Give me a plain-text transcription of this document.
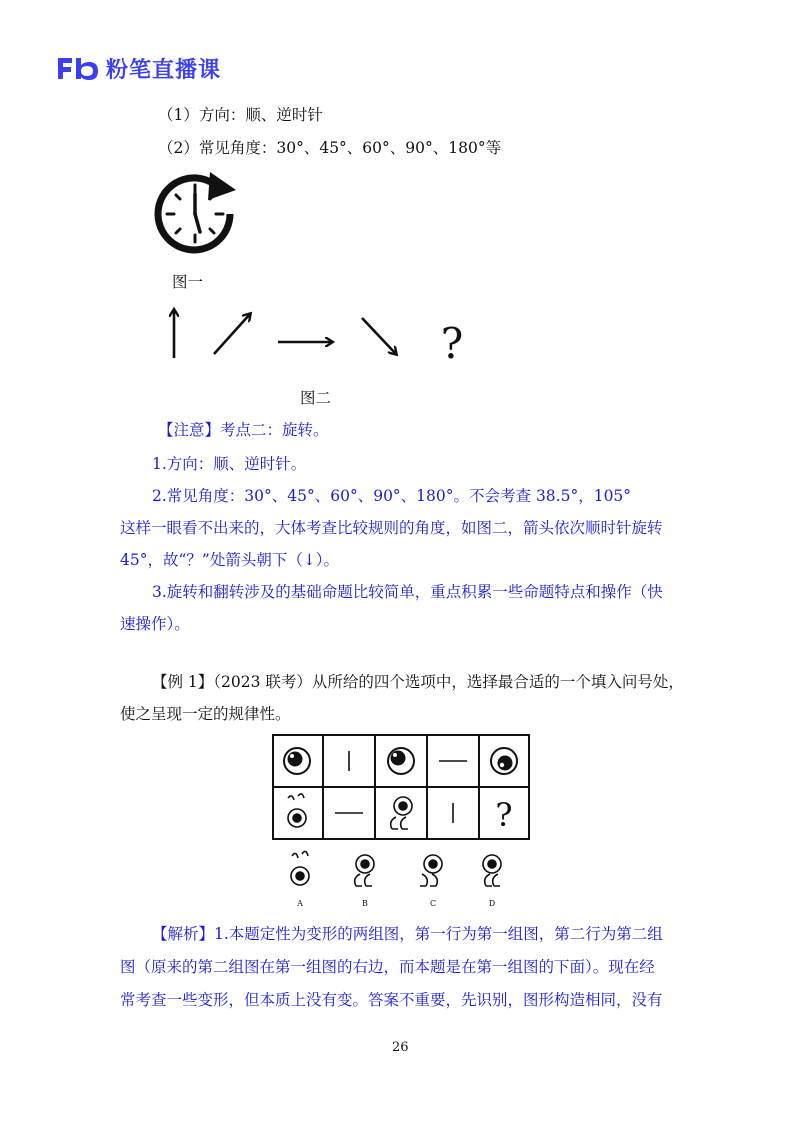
粉笔直播课
（1）方向：顺、逆时针
（2）常见角度：30°、45°、60°、90°、180°等
图一
?
图二
【注意】考点二：旋转。
1.方向：顺、逆时针。
2.常见角度：30°、45°、60°、90°、180°。不会考查 38.5°，105°
这样一眼看不出来的，大体考查比较规则的角度，如图二，箭头依次顺时针旋转
45°，故“？”处箭头朝下（↓）。
3.旋转和翻转涉及的基础命题比较简单，重点积累一些命题特点和操作（快
速操作）。
【例 1】（2023 联考）从所给的四个选项中，选择最合适的一个填入问号处，
使之呈现一定的规律性。
?
A	B	C	D
【解析】1.本题定性为变形的两组图，第一行为第一组图，第二行为第二组
图（原来的第二组图在第一组图的右边，而本题是在第一组图的下面）。现在经
常考查一些变形，但本质上没有变。答案不重要，先识别，图形构造相同，没有
26
